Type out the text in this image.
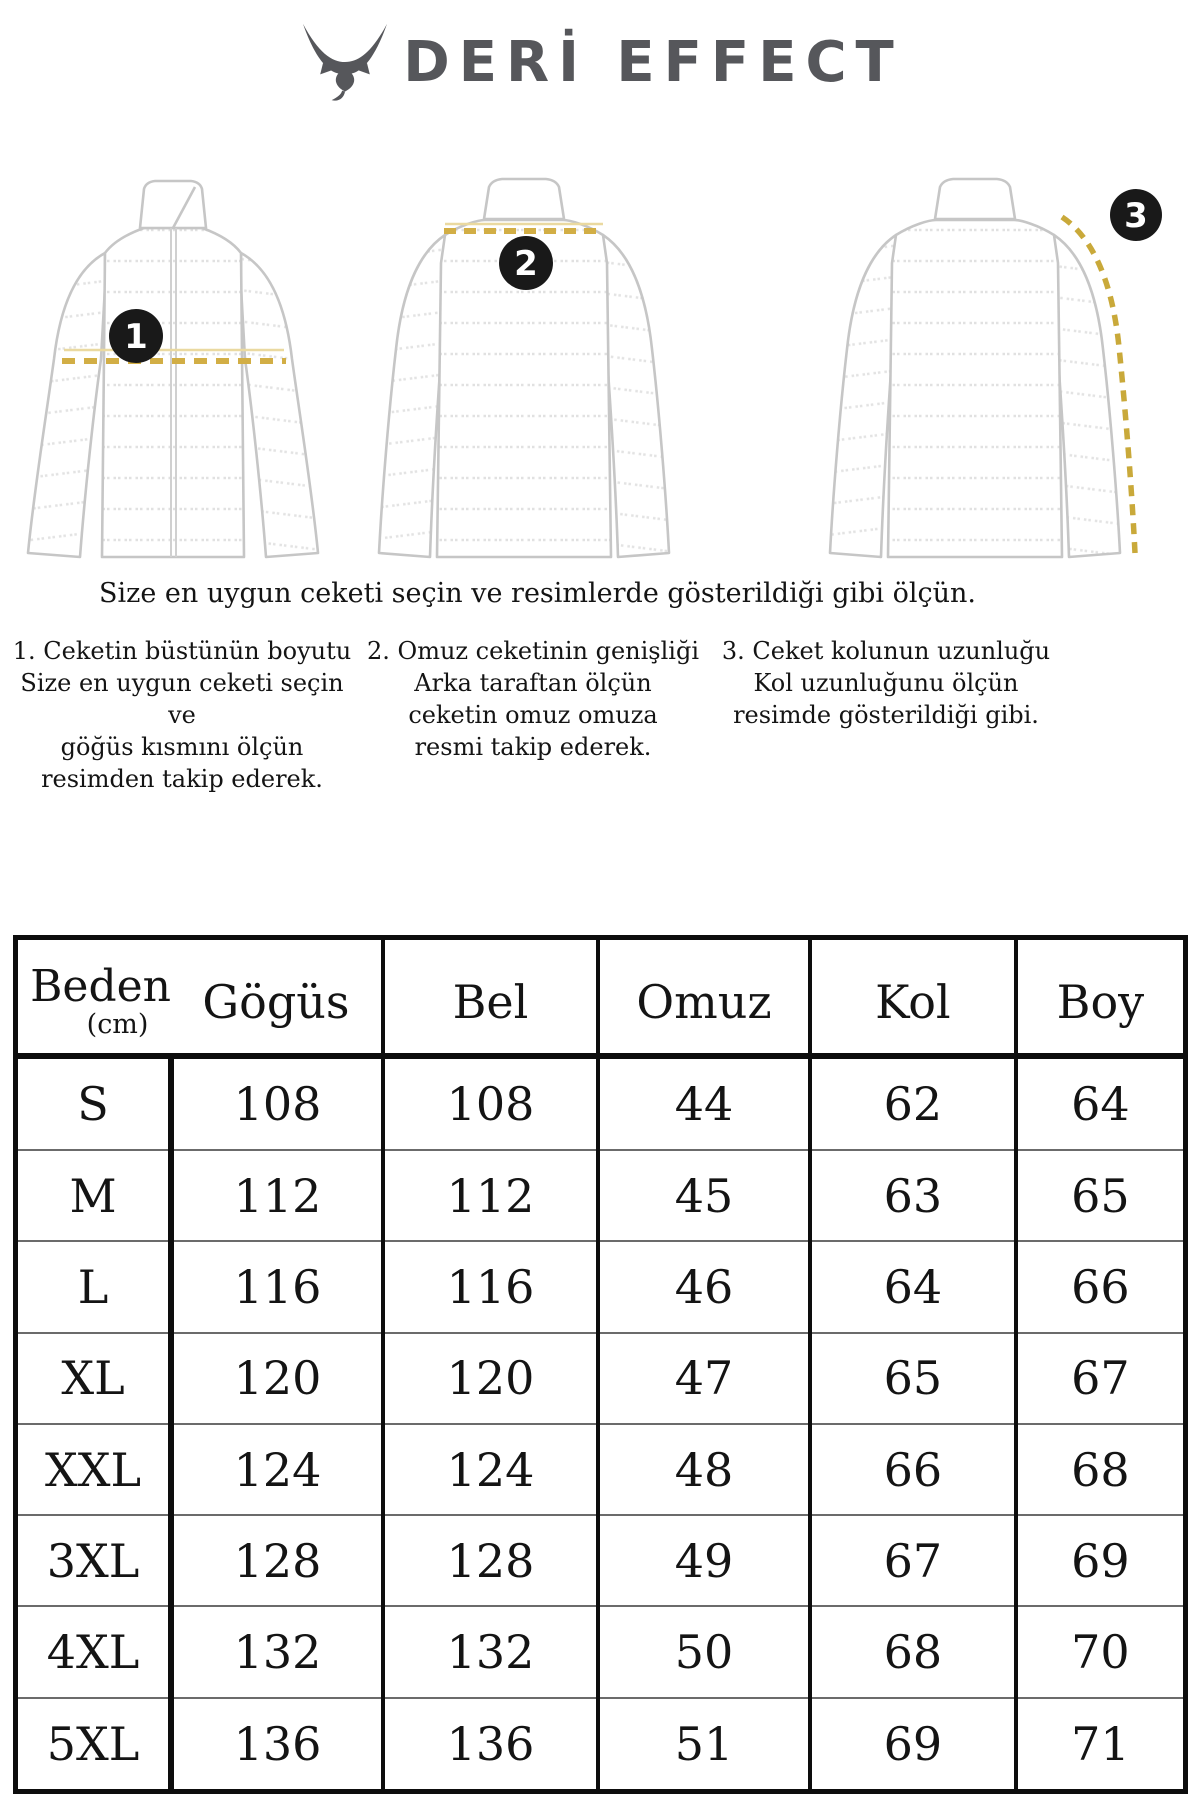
DERİ EFFECT
1
2
3
Size en uygun ceketi seçin ve resimlerde gösterildiği gibi ölçün.
1. Ceketin büstünün boyutu
Size en uygun ceketi seçin ve
göğüs kısmını ölçün
resimden takip ederek.
2. Omuz ceketinin genişliği
Arka taraftan ölçün
ceketin omuz omuza
resmi takip ederek.
3. Ceket kolunun uzunluğu
Kol uzunluğunu ölçün
resimde gösterildiği gibi.
Beden
(cm)	Gögüs	Bel	Omuz	Kol	Boy
S	108	108	44	62	64
M	112	112	45	63	65
L	116	116	46	64	66
XL	120	120	47	65	67
XXL	124	124	48	66	68
3XL	128	128	49	67	69
4XL	132	132	50	68	70
5XL	136	136	51	69	71
